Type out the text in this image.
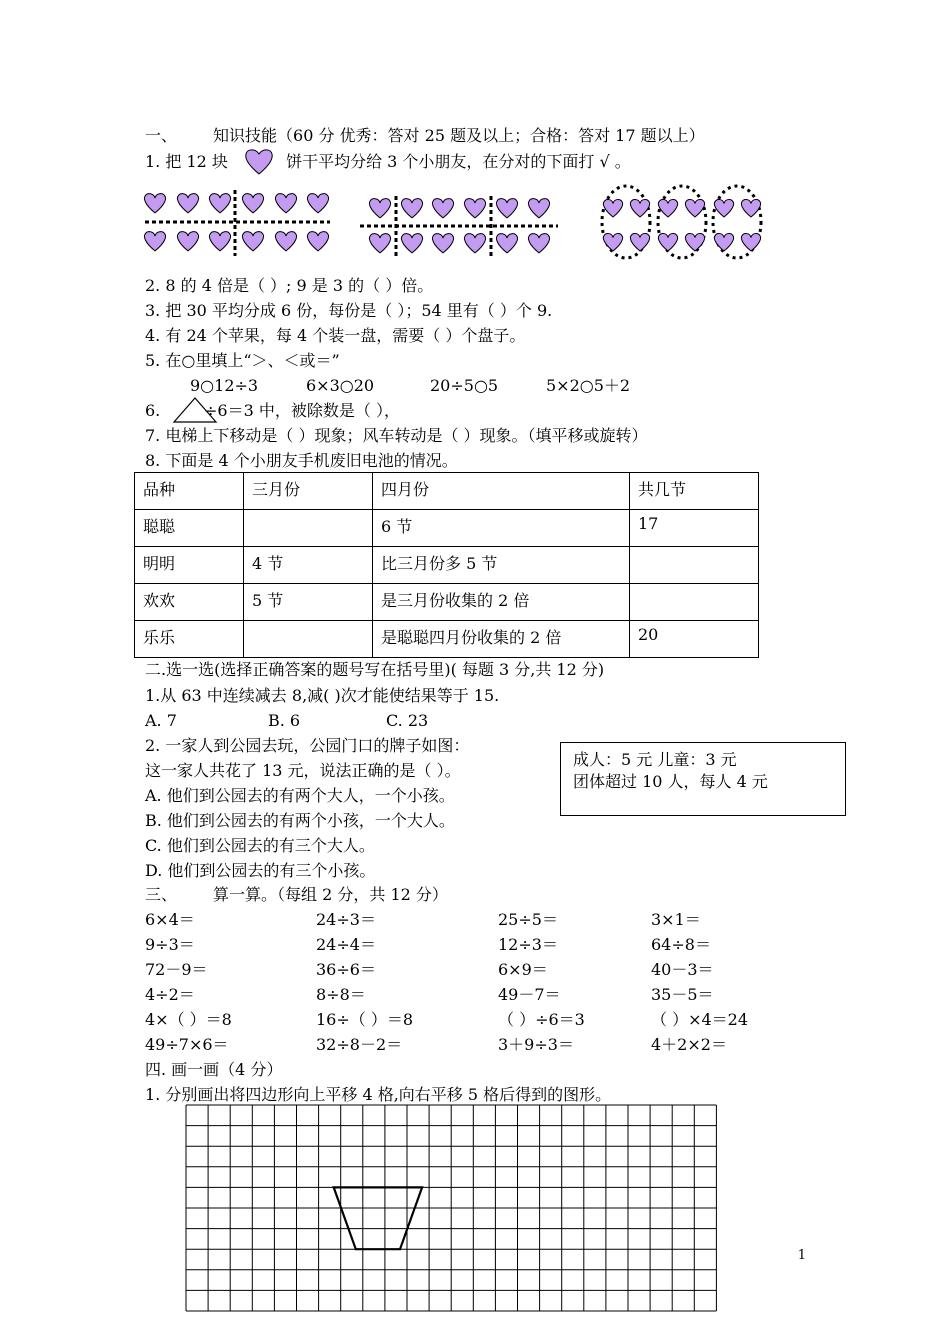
一、 知识技能（60 分 优秀：答对 25 题及以上；合格：答对 17 题以上）
1. 把 12 块	饼干平均分给 3 个小朋友，在分对的下面打 √ 。
2. 8 的 4 倍是（ ）; 9 是 3 的（ ）倍。
3. 把 30 平均分成 6 份，每份是（ ）；54 里有（ ）个 9.
4. 有 24 个苹果，每 4 个装一盘，需要（ ）个盘子。
5. 在○里填上“＞、＜或＝”
9○12÷3	6×3○20	20÷5○5	5×2○5＋2
6.	÷6＝3 中，被除数是（ ），
7. 电梯上下移动是（ ）现象；风车转动是（ ）现象。（填平移或旋转）
8. 下面是 4 个小朋友手机废旧电池的情况。
品种	三月份	四月份	共几节
聪聪		6 节	17
明明	4 节	比三月份多 5 节	
欢欢	5 节	是三月份收集的 2 倍	
乐乐		是聪聪四月份收集的 2 倍	20
二.选一选(选择正确答案的题号写在括号里)( 每题 3 分,共 12 分)
1.从 63 中连续减去 8,减( )次才能使结果等于 15.
A. 7	B. 6	C. 23
2. 一家人到公园去玩，公园门口的牌子如图：
这一家人共花了 13 元，说法正确的是（ ）。
A. 他们到公园去的有两个大人，一个小孩。
B. 他们到公园去的有两个小孩，一个大人。
C. 他们到公园去的有三个大人。
D. 他们到公园去的有三个小孩。
成人：5 元 儿童：3 元
团体超过 10 人，每人 4 元
三、 算一算。（每组 2 分，共 12 分）
6×4＝	24÷3＝	25÷5＝	3×1＝
9÷3＝	24÷4＝	12÷3＝	64÷8＝
72－9＝	36÷6＝	6×9＝	40－3＝
4÷2＝	8÷8＝	49－7＝	35－5＝
4×（ ）＝8	16÷（ ）＝8	（ ）÷6＝3	（ ）×4＝24
49÷7×6＝	32÷8－2＝	3＋9÷3＝	4＋2×2＝
四. 画一画（4 分）
1. 分别画出将四边形向上平移 4 格,向右平移 5 格后得到的图形。
1
